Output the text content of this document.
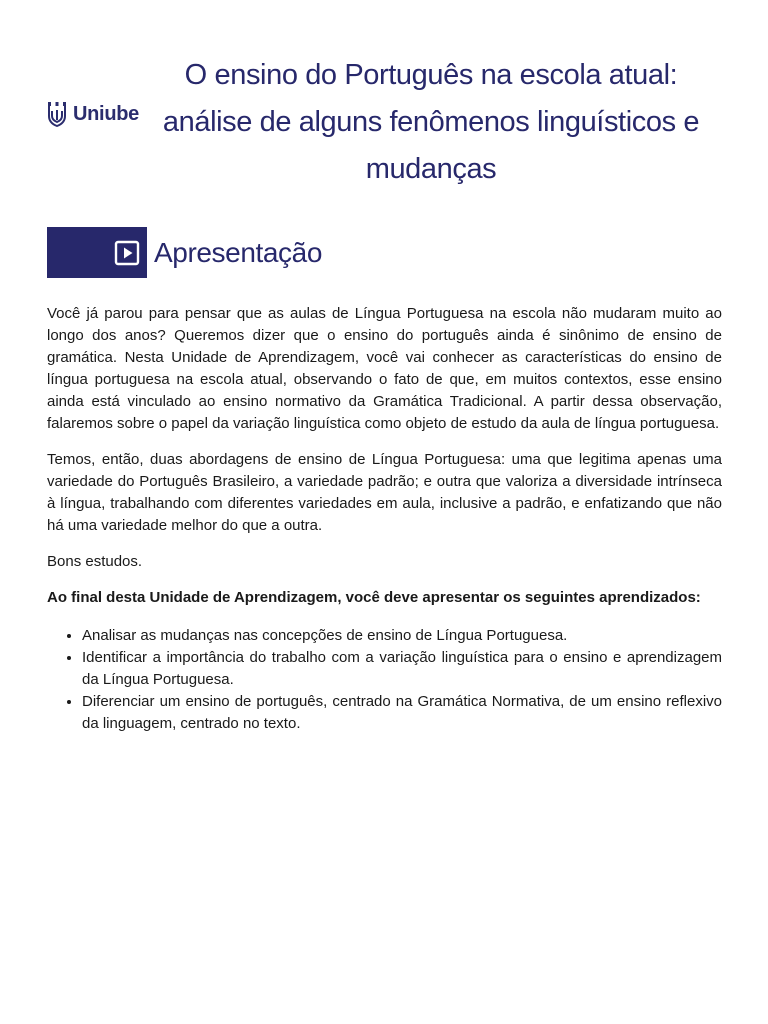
Uniube
O ensino do Português na escola atual:
análise de alguns fenômenos linguísticos e
mudanças
Apresentação

Você já parou para pensar que as aulas de Língua Portuguesa na escola não mudaram muito ao longo dos anos? Queremos dizer que o ensino do português ainda é sinônimo de ensino de gramática. Nesta Unidade de Aprendizagem, você vai conhecer as características do ensino de língua portuguesa na escola atual, observando o fato de que, em muitos contextos, esse ensino ainda está vinculado ao ensino normativo da Gramática Tradicional. A partir dessa observação, falaremos sobre o papel da variação linguística como objeto de estudo da aula de língua portuguesa.

Temos, então, duas abordagens de ensino de Língua Portuguesa: uma que legitima apenas uma variedade do Português Brasileiro, a variedade padrão; e outra que valoriza a diversidade intrínseca à língua, trabalhando com diferentes variedades em aula, inclusive a padrão, e enfatizando que não há uma variedade melhor do que a outra.

Bons estudos.

Ao final desta Unidade de Aprendizagem, você deve apresentar os seguintes aprendizados:

• Analisar as mudanças nas concepções de ensino de Língua Portuguesa.
• Identificar a importância do trabalho com a variação linguística para o ensino e aprendizagem da Língua Portuguesa.
• Diferenciar um ensino de português, centrado na Gramática Normativa, de um ensino reflexivo da linguagem, centrado no texto.
